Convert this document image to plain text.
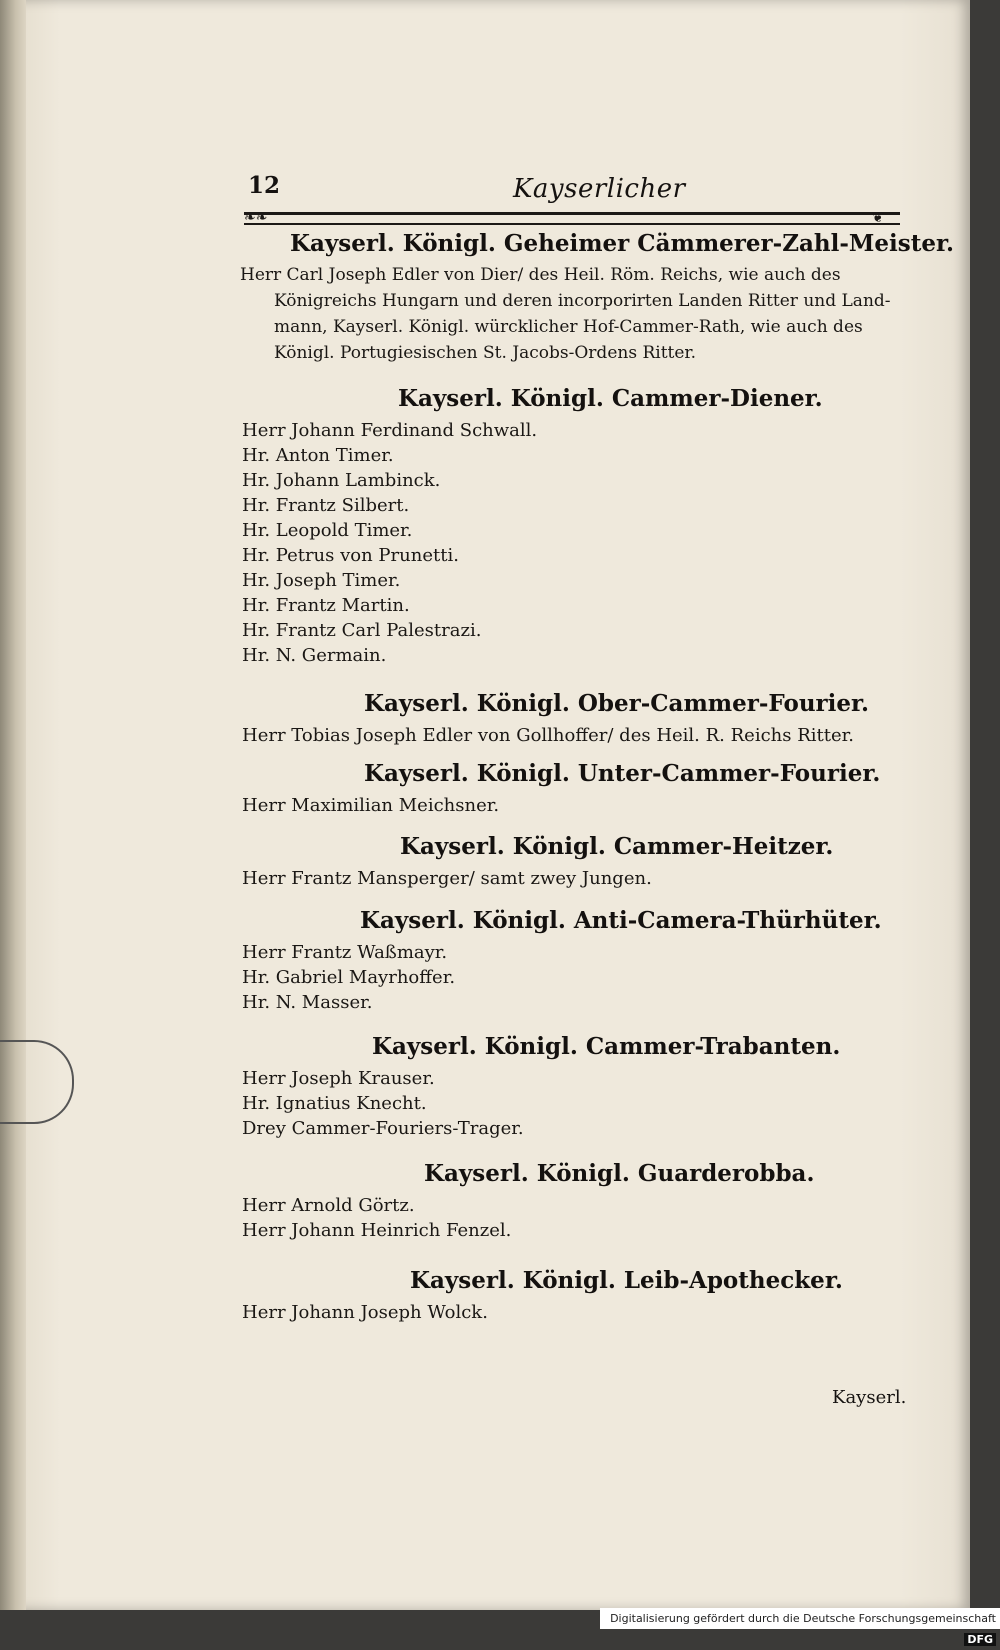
12	Kayserlicher
❧❧	❦
Kayserl. Königl. Geheimer Cämmerer-Zahl-Meister.
Herr Carl Joseph Edler von Dier/ des Heil. Röm. Reichs, wie auch des
Königreichs Hungarn und deren incorporirten Landen Ritter und Land-
mann, Kayserl. Königl. würcklicher Hof-Cammer-Rath, wie auch des
Königl. Portugiesischen St. Jacobs-Ordens Ritter.
Kayserl. Königl. Cammer-Diener.
Herr Johann Ferdinand Schwall.
Hr. Anton Timer.
Hr. Johann Lambinck.
Hr. Frantz Silbert.
Hr. Leopold Timer.
Hr. Petrus von Prunetti.
Hr. Joseph Timer.
Hr. Frantz Martin.
Hr. Frantz Carl Palestrazi.
Hr. N. Germain.
Kayserl. Königl. Ober-Cammer-Fourier.
Herr Tobias Joseph Edler von Gollhoffer/ des Heil. R. Reichs Ritter.
Kayserl. Königl. Unter-Cammer-Fourier.
Herr Maximilian Meichsner.
Kayserl. Königl. Cammer-Heitzer.
Herr Frantz Mansperger/ samt zwey Jungen.
Kayserl. Königl. Anti-Camera-Thürhüter.
Herr Frantz Waßmayr.
Hr. Gabriel Mayrhoffer.
Hr. N. Masser.
Kayserl. Königl. Cammer-Trabanten.
Herr Joseph Krauser.
Hr. Ignatius Knecht.
Drey Cammer-Fouriers-Trager.
Kayserl. Königl. Guarderobba.
Herr Arnold Görtz.
Herr Johann Heinrich Fenzel.
Kayserl. Königl. Leib-Apothecker.
Herr Johann Joseph Wolck.
Kayserl.
Digitalisierung gefördert durch die Deutsche Forschungsgemeinschaft DFG
